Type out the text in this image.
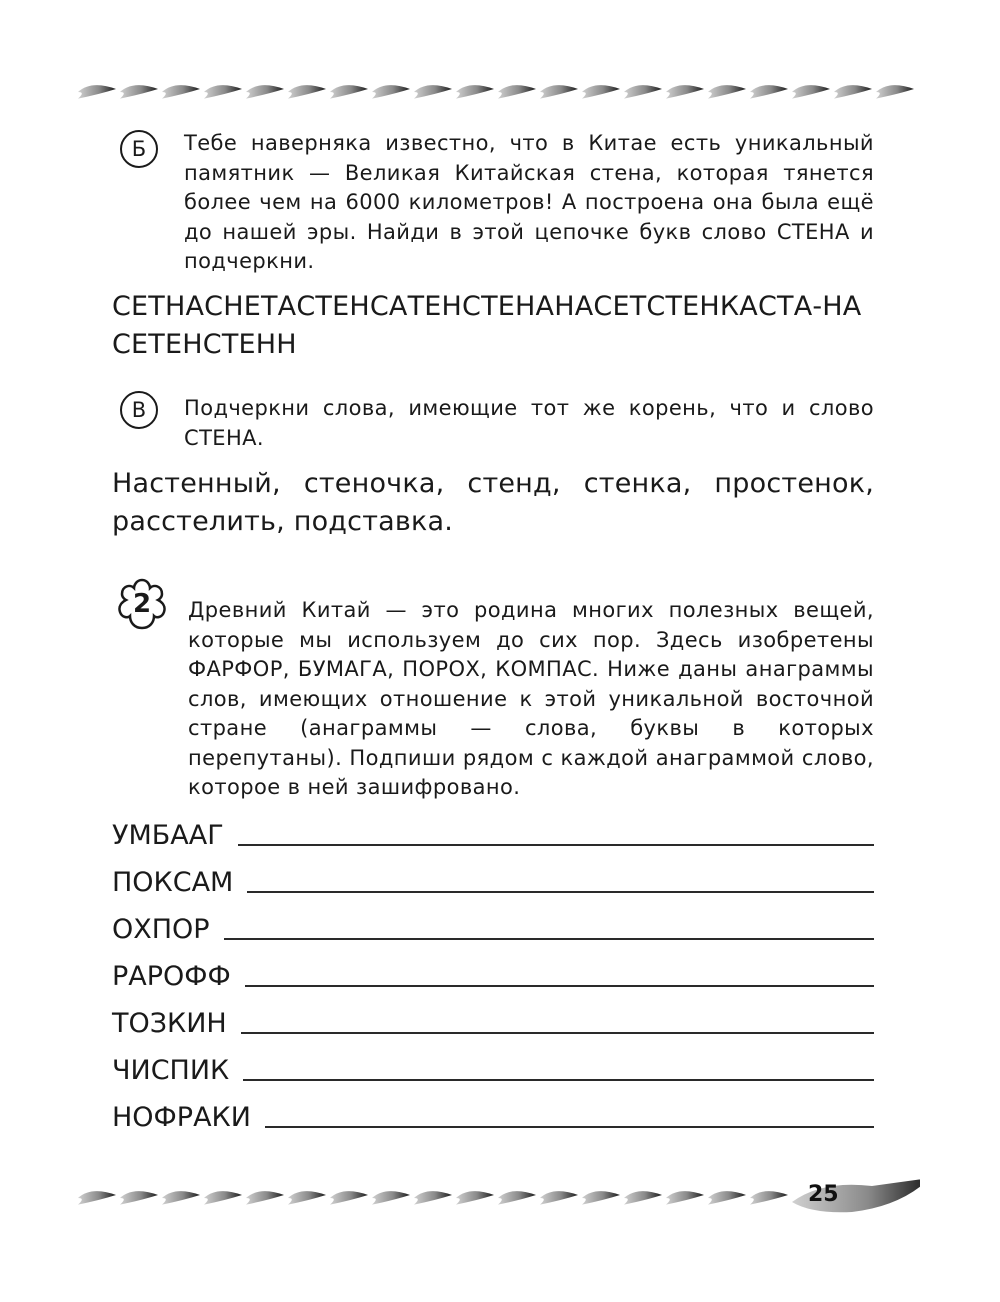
Б	Тебе наверняка известно, что в Китае есть уникальный памятник — Великая Китайская стена, которая тянется более чем на 6000 километров! А построена она была ещё до нашей эры. Найди в этой цепочке букв слово СТЕНА и подчеркни.
СЕТНАСНЕТАСТЕНСАТЕНСТЕНАНАСЕТСТЕНКАСТА-НАСЕТЕНСТЕНН
В	Подчеркни слова, имеющие тот же корень, что и слово СТЕНА.
Настенный, стеночка, стенд, стенка, простенок, расстелить, подставка.
2	Древний Китай — это родина многих полезных вещей, которые мы используем до сих пор. Здесь изобретены ФАРФОР, БУМАГА, ПОРОХ, КОМПАС. Ниже даны анаграммы слов, имеющих отношение к этой уникальной восточной стране (анаграммы — слова, буквы в которых перепутаны). Подпиши рядом с каждой анаграммой слово, которое в ней зашифровано.
УМБААГ
ПОКСАМ
ОХПОР
РАРОФФ
ТОЗКИН
ЧИСПИК
НОФРАКИ
25
